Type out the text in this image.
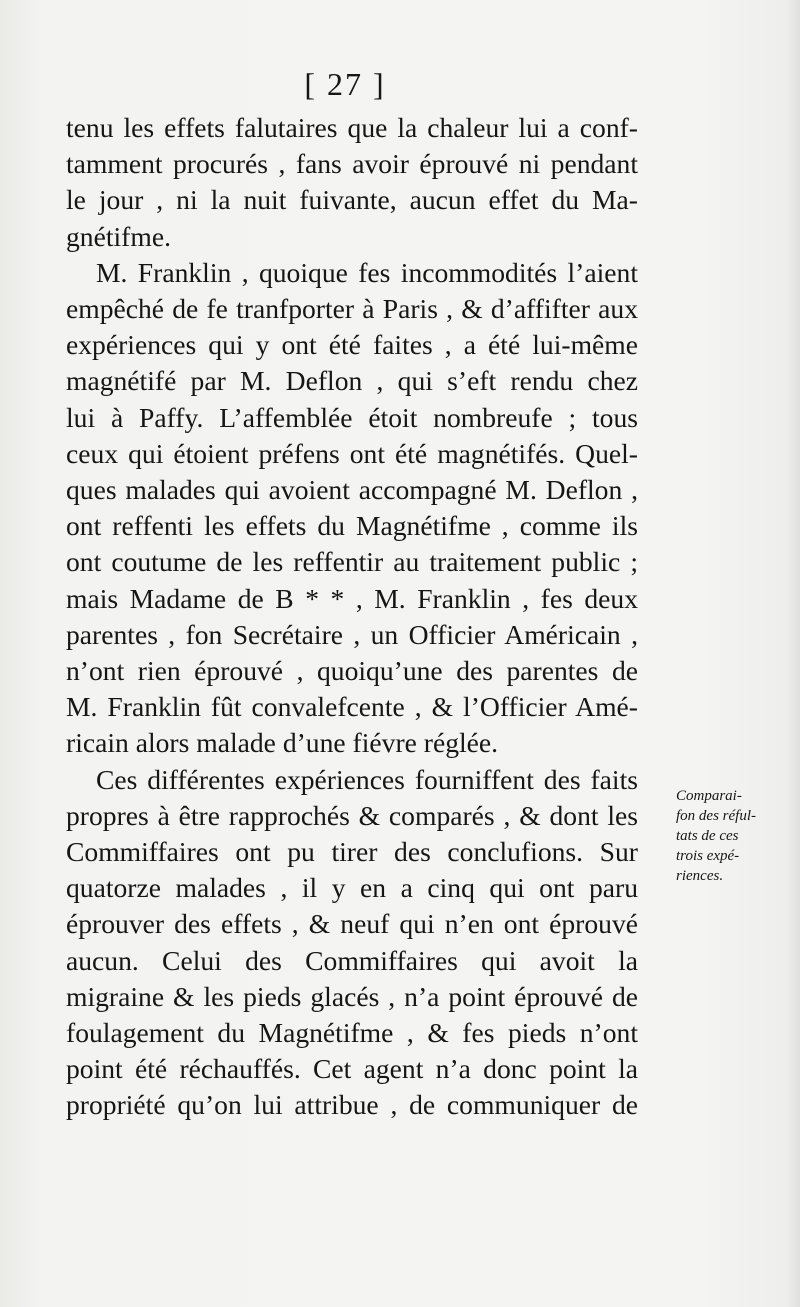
[ 27 ]

tenu les effets falutaires que la chaleur lui a conf-
tamment procurés , fans avoir éprouvé ni pendant
le jour , ni la nuit fuivante, aucun effet du Ma-
gnétifme.

M. Franklin , quoique fes incommodités l’aient
empêché de fe tranfporter à Paris , & d’affifter aux
expériences qui y ont été faites , a été lui-même
magnétifé par M. Deflon , qui s’eft rendu chez
lui à Paffy. L’affemblée étoit nombreufe ; tous
ceux qui étoient préfens ont été magnétifés. Quel-
ques malades qui avoient accompagné M. Deflon ,
ont reffenti les effets du Magnétifme , comme ils
ont coutume de les reffentir au traitement public ;
mais Madame de B * * , M. Franklin , fes deux
parentes , fon Secrétaire , un Officier Américain ,
n’ont rien éprouvé , quoiqu’une des parentes de
M. Franklin fût convalefcente , & l’Officier Amé-
ricain alors malade d’une fiévre réglée.

Ces différentes expériences fourniffent des faits
propres à être rapprochés & comparés , & dont les
Commiffaires ont pu tirer des conclufions. Sur
quatorze malades , il y en a cinq qui ont paru
éprouver des effets , & neuf qui n’en ont éprouvé
aucun. Celui des Commiffaires qui avoit la
migraine & les pieds glacés , n’a point éprouvé de
foulagement du Magnétifme , & fes pieds n’ont
point été réchauffés. Cet agent n’a donc point la
propriété qu’on lui attribue , de communiquer de

Comparai-
fon des réful-
tats de ces
trois expé-
riences.
